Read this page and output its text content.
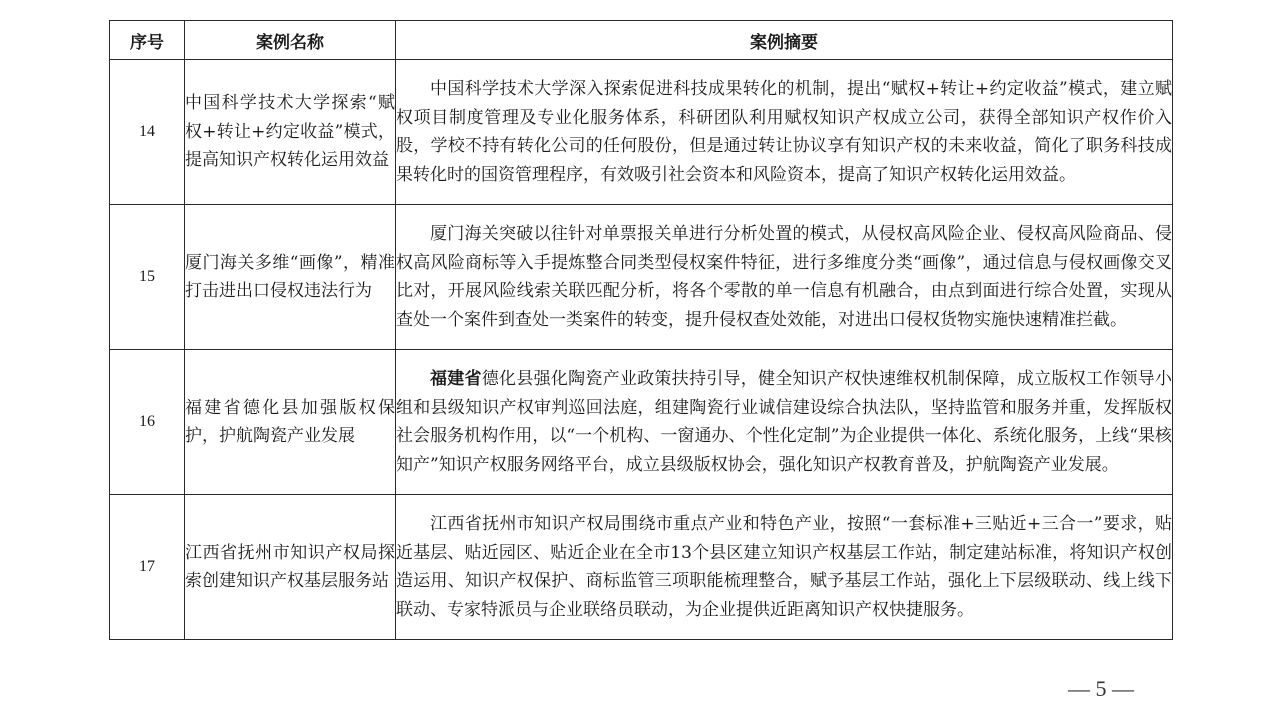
序号	案例名称	案例摘要
14	中国科学技术大学探索“赋权+转让+约定收益”模式，提高知识产权转化运用效益	中国科学技术大学深入探索促进科技成果转化的机制，提出“赋权+转让+约定收益”模式，建立赋权项目制度管理及专业化服务体系，科研团队利用赋权知识产权成立公司，获得全部知识产权作价入股，学校不持有转化公司的任何股份，但是通过转让协议享有知识产权的未来收益，简化了职务科技成果转化时的国资管理程序，有效吸引社会资本和风险资本，提高了知识产权转化运用效益。
15	厦门海关多维“画像”，精准打击进出口侵权违法行为	厦门海关突破以往针对单票报关单进行分析处置的模式，从侵权高风险企业、侵权高风险商品、侵权高风险商标等入手提炼整合同类型侵权案件特征，进行多维度分类“画像”，通过信息与侵权画像交叉比对，开展风险线索关联匹配分析，将各个零散的单一信息有机融合，由点到面进行综合处置，实现从查处一个案件到查处一类案件的转变，提升侵权查处效能，对进出口侵权货物实施快速精准拦截。
16	福建省德化县加强版权保护，护航陶瓷产业发展	福建省德化县强化陶瓷产业政策扶持引导，健全知识产权快速维权机制保障，成立版权工作领导小组和县级知识产权审判巡回法庭，组建陶瓷行业诚信建设综合执法队，坚持监管和服务并重，发挥版权社会服务机构作用，以“一个机构、一窗通办、个性化定制”为企业提供一体化、系统化服务，上线“果核知产”知识产权服务网络平台，成立县级版权协会，强化知识产权教育普及，护航陶瓷产业发展。
17	江西省抚州市知识产权局探索创建知识产权基层服务站	江西省抚州市知识产权局围绕市重点产业和特色产业，按照“一套标准+三贴近+三合一”要求，贴近基层、贴近园区、贴近企业在全市13个县区建立知识产权基层工作站，制定建站标准，将知识产权创造运用、知识产权保护、商标监管三项职能梳理整合，赋予基层工作站，强化上下层级联动、线上线下联动、专家特派员与企业联络员联动，为企业提供近距离知识产权快捷服务。
— 5 —
